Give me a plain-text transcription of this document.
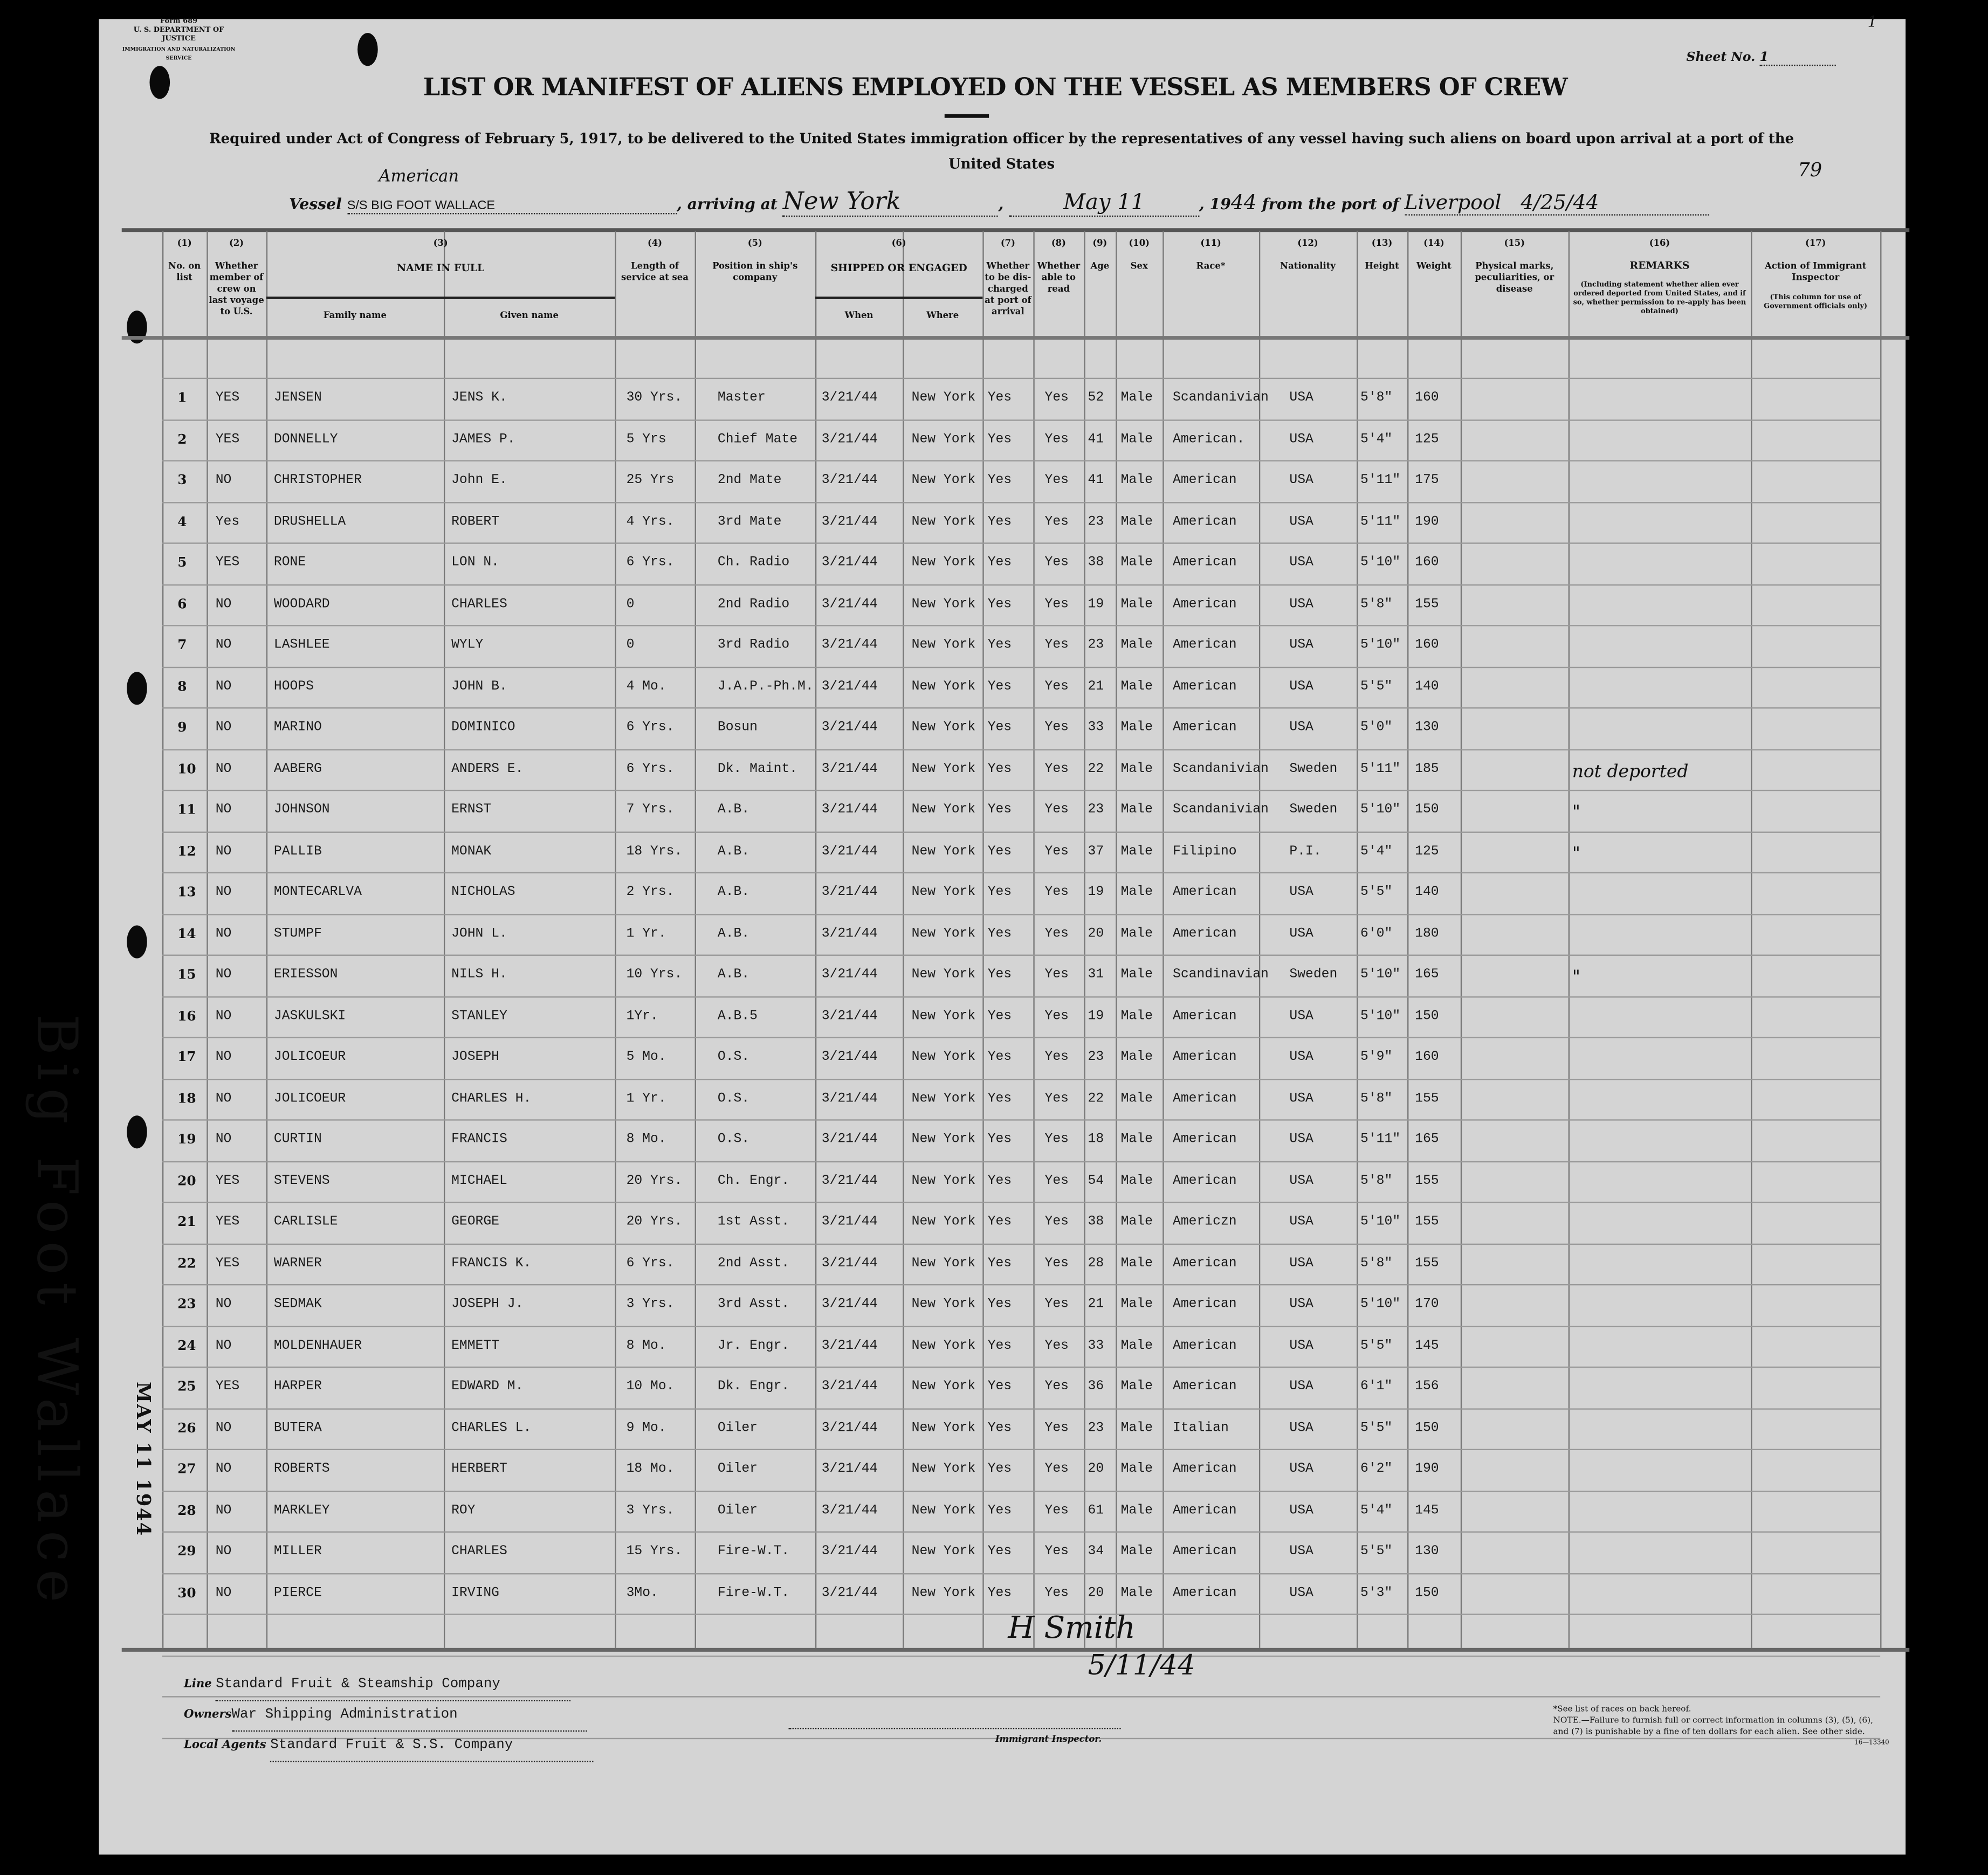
Form 689
U. S. DEPARTMENT OF JUSTICE
IMMIGRATION AND NATURALIZATION SERVICE	Sheet No. 1
1
79
LIST OR MANIFEST OF ALIENS EMPLOYED ON THE VESSEL AS MEMBERS OF CREW
Required under Act of Congress of February 5, 1917, to be delivered to the United States immigration officer by the representatives of any vessel having such aliens on board upon arrival at a port of the United States
Vessel
American
S/S BIG FOOT WALLACE	, arriving at New York	,	May 11	, 1944 from the port of Liverpool 4/25/44
(1)
No. on list
(2)
Whether member of crew on last voyage to U.S.
(3)
NAME IN FULL
Family name	Given name
(4)
Length of service at sea
(5)
Position in ship's company
(6)
SHIPPED OR ENGAGED
When	Where
(7)
Whether to be dis-charged at port of arrival
(8)
Whether able to read
(9)
Age
(10)
Sex
(11)
Race*
(12)
Nationality
(13)
Height
(14)
Weight
(15)
Physical marks, peculiarities, or disease
(16)
REMARKS
(Including statement whether alien ever ordered deported from United States, and if so, whether permission to re-apply has been obtained)
(17)
Action of Immigrant Inspector
(This column for use of Government officials only)
1	YES	JENSEN	JENS K.	30 Yrs.	Master	3/21/44	New York Yes	Yes	52	Male	Scandanivian	USA	5'8"	160
2	YES	DONNELLY	JAMES P.	5 Yrs	Chief Mate	3/21/44	New York Yes	Yes	41	Male	American.	USA	5'4"	125
3	NO	CHRISTOPHER	John E.	25 Yrs	2nd Mate	3/21/44	New York Yes	Yes	41	Male	American	USA	5'11"	175
4	Yes	DRUSHELLA	ROBERT	4 Yrs.	3rd Mate	3/21/44	New York Yes	Yes	23	Male	American	USA	5'11"	190
5	YES	RONE	LON N.	6 Yrs.	Ch. Radio	3/21/44	New York Yes	Yes	38	Male	American	USA	5'10"	160
6	NO	WOODARD	CHARLES	0	2nd Radio	3/21/44	New York Yes	Yes	19	Male	American	USA	5'8"	155
7	NO	LASHLEE	WYLY	0	3rd Radio	3/21/44	New York Yes	Yes	23	Male	American	USA	5'10"	160
8	NO	HOOPS	JOHN B.	4 Mo.	J.A.P.-Ph.M. 3/21/44	New York Yes	Yes	21	Male	American	USA	5'5"	140
9	NO	MARINO	DOMINICO	6 Yrs.	Bosun	3/21/44	New York Yes	Yes	33	Male	American	USA	5'0"	130
10	NO	AABERG	ANDERS E.	6 Yrs.	Dk. Maint.	3/21/44	New York Yes	Yes	22	Male	Scandanivian	Sweden	5'11"	185	not deported
11	NO	JOHNSON	ERNST	7 Yrs.	A.B.	3/21/44	New York Yes	Yes	23	Male	Scandanivian	Sweden	5'10"	150	"
12	NO	PALLIB	MONAK	18 Yrs.	A.B.	3/21/44	New York Yes	Yes	37	Male	Filipino	P.I.	5'4"	125	"
13	NO	MONTECARLVA	NICHOLAS	2 Yrs.	A.B.	3/21/44	New York Yes	Yes	19	Male	American	USA	5'5"	140
14	NO	STUMPF	JOHN L.	1 Yr.	A.B.	3/21/44	New York Yes	Yes	20	Male	American	USA	6'0"	180
15	NO	ERIESSON	NILS H.	10 Yrs.	A.B.	3/21/44	New York Yes	Yes	31	Male	Scandinavian	Sweden	5'10"	165	"
16	NO	JASKULSKI	STANLEY	1Yr.	A.B.5	3/21/44	New York Yes	Yes	19	Male	American	USA	5'10"	150
17	NO	JOLICOEUR	JOSEPH	5 Mo.	O.S.	3/21/44	New York Yes	Yes	23	Male	American	USA	5'9"	160
18	NO	JOLICOEUR	CHARLES H.	1 Yr.	O.S.	3/21/44	New York Yes	Yes	22	Male	American	USA	5'8"	155
19	NO	CURTIN	FRANCIS	8 Mo.	O.S.	3/21/44	New York Yes	Yes	18	Male	American	USA	5'11"	165
20	YES	STEVENS	MICHAEL	20 Yrs.	Ch. Engr.	3/21/44	New York Yes	Yes	54	Male	American	USA	5'8"	155
21	YES	CARLISLE	GEORGE	20 Yrs.	1st Asst.	3/21/44	New York Yes	Yes	38	Male	Americzn	USA	5'10"	155
22	YES	WARNER	FRANCIS K.	6 Yrs.	2nd Asst.	3/21/44	New York Yes	Yes	28	Male	American	USA	5'8"	155
23	NO	SEDMAK	JOSEPH J.	3 Yrs.	3rd Asst.	3/21/44	New York Yes	Yes	21	Male	American	USA	5'10"	170
24	NO	MOLDENHAUER	EMMETT	8 Mo.	Jr. Engr.	3/21/44	New York Yes	Yes	33	Male	American	USA	5'5"	145
25	YES	HARPER	EDWARD M.	10 Mo.	Dk. Engr.	3/21/44	New York Yes	Yes	36	Male	American	USA	6'1"	156
26	NO	BUTERA	CHARLES L.	9 Mo.	Oiler	3/21/44	New York Yes	Yes	23	Male	Italian	USA	5'5"	150
27	NO	ROBERTS	HERBERT	18 Mo.	Oiler	3/21/44	New York Yes	Yes	20	Male	American	USA	6'2"	190
28	NO	MARKLEY	ROY	3 Yrs.	Oiler	3/21/44	New York Yes	Yes	61	Male	American	USA	5'4"	145
29	NO	MILLER	CHARLES	15 Yrs.	Fire-W.T.	3/21/44	New York Yes	Yes	34	Male	American	USA	5'5"	130
30	NO	PIERCE	IRVING	3Mo.	Fire-W.T.	3/21/44	New York Yes	Yes	20	Male	American	USA	5'3"	150
Big Foot Wallace	MAY 11 1944
H Smith
5/11/44
Immigrant Inspector.
Line Standard Fruit & Steamship Company
OwnersWar Shipping Administration
Local Agents Standard Fruit & S.S. Company
*See list of races on back hereof.
NOTE.—Failure to furnish full or correct information in columns (3), (5), (6), and (7) is punishable by a fine of ten dollars for each alien. See other side.
16—13340
